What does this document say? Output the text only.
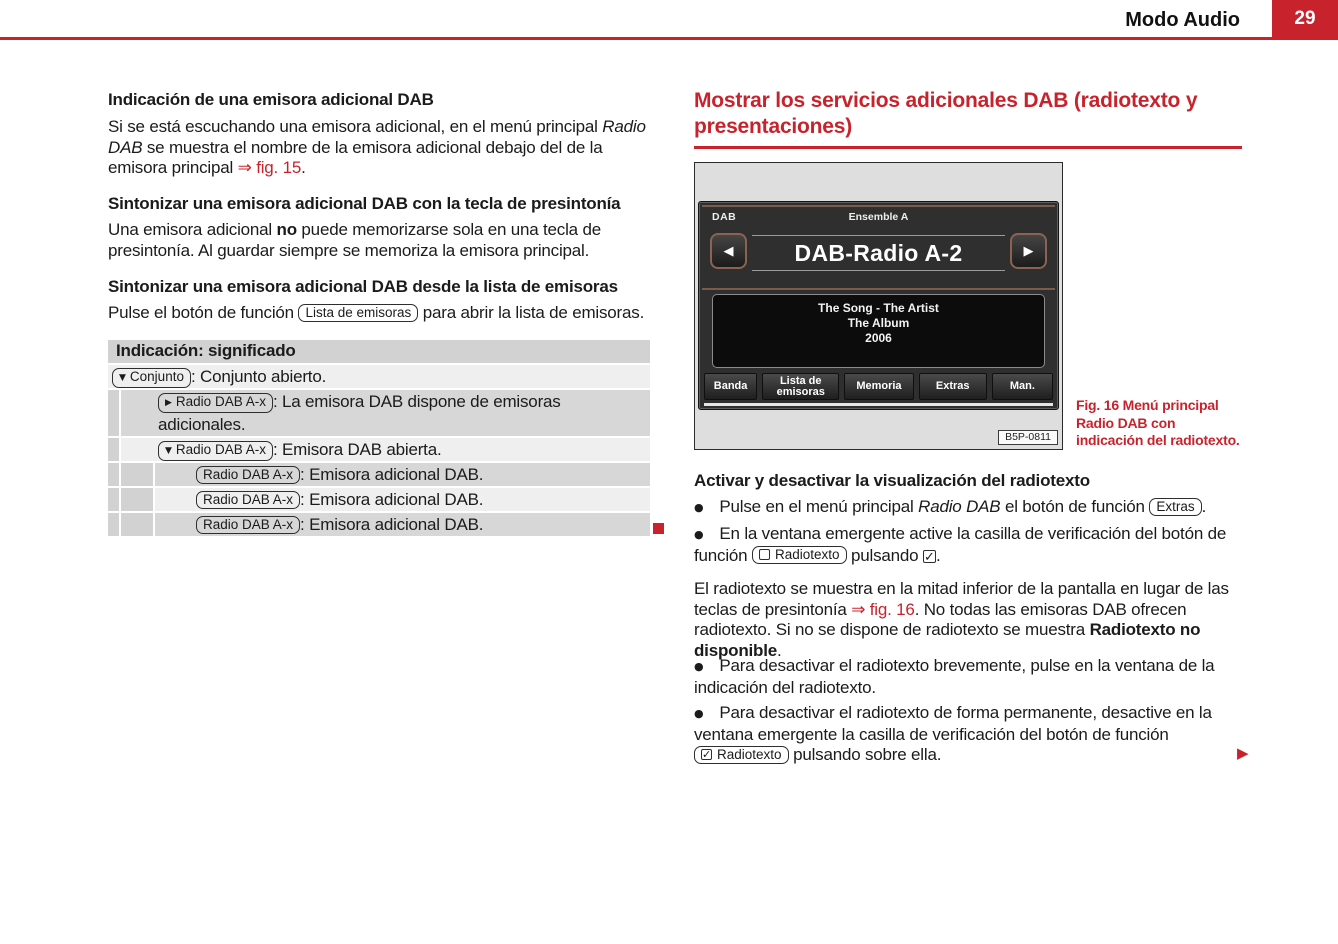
Modo Audio	29
Indicación de una emisora adicional DAB
Si se está escuchando una emisora adicional, en el menú principal Radio DAB se muestra el nombre de la emisora adicional debajo del de la emisora principal ⇒ fig. 15.
Sintonizar una emisora adicional DAB con la tecla de presintonía
Una emisora adicional no puede memorizarse sola en una tecla de presintonía. Al guardar siempre se memoriza la emisora principal.
Sintonizar una emisora adicional DAB desde la lista de emisoras
Pulse el botón de función Lista de emisoras para abrir la lista de emisoras.
Indicación: significado
▼ Conjunto : Conjunto abierto.
▶ Radio DAB A-x : La emisora DAB dispone de emisoras adicionales.
▼ Radio DAB A-x : Emisora DAB abierta.
Radio DAB A-x : Emisora adicional DAB.
Radio DAB A-x : Emisora adicional DAB.
Radio DAB A-x : Emisora adicional DAB.
Mostrar los servicios adicionales DAB (radiotexto y presentaciones)
DAB	Ensemble A
DAB-Radio A-2
◀	▶
The Song - The Artist
The Album
2006
Banda	Lista de emisoras	Memoria	Extras	Man.
B5P-0811
Fig. 16 Menú principal Radio DAB con indicación del radiotexto.
Activar y desactivar la visualización del radiotexto
● Pulse en el menú principal Radio DAB el botón de función Extras .
● En la ventana emergente active la casilla de verificación del botón de función Radiotexto pulsando ✓.
El radiotexto se muestra en la mitad inferior de la pantalla en lugar de las teclas de presintonía ⇒ fig. 16. No todas las emisoras DAB ofrecen radiotexto. Si no se dispone de radiotexto se muestra Radiotexto no disponible.
● Para desactivar el radiotexto brevemente, pulse en la ventana de la indicación del radiotexto.
● Para desactivar el radiotexto de forma permanente, desactive en la ventana emergente la casilla de verificación del botón de función ✓Radiotexto pulsando sobre ella.	▶
